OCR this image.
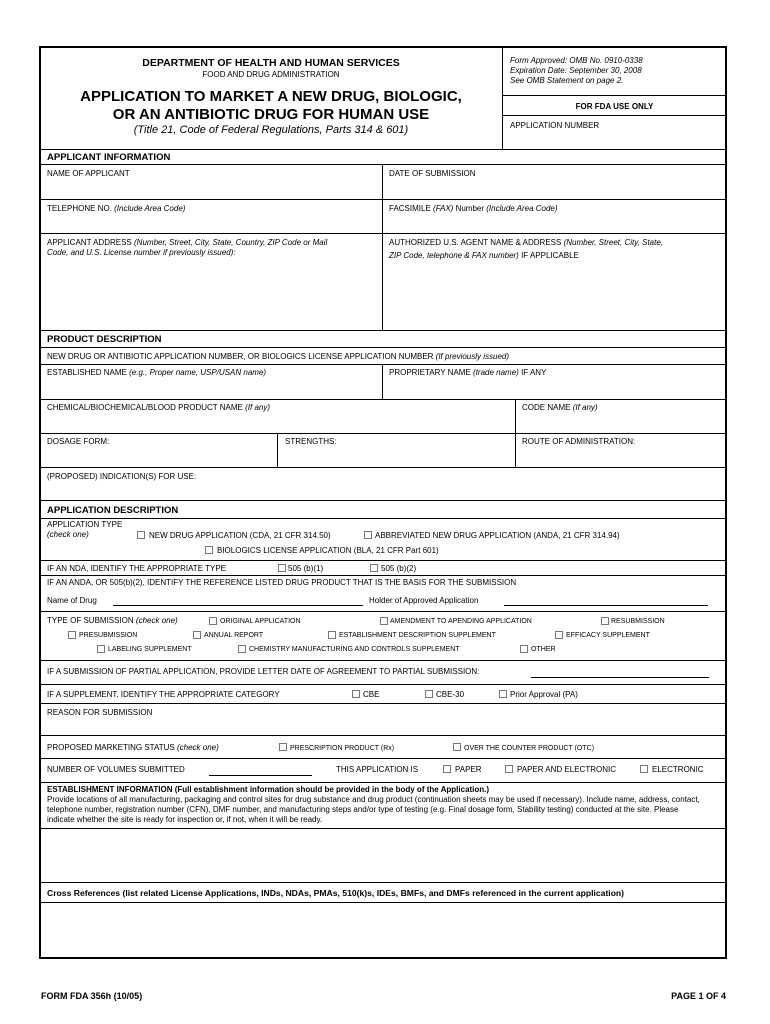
DEPARTMENT OF HEALTH AND HUMAN SERVICES
FOOD AND DRUG ADMINISTRATION
APPLICATION TO MARKET A NEW DRUG, BIOLOGIC,
OR AN ANTIBIOTIC DRUG FOR HUMAN USE
(Title 21, Code of Federal Regulations, Parts 314 & 601)
Form Approved: OMB No. 0910-0338
Expiration Date: September 30, 2008
See OMB Statement on page 2.
FOR FDA USE ONLY
APPLICATION NUMBER
APPLICANT INFORMATION
NAME OF APPLICANT	DATE OF SUBMISSION
TELEPHONE NO. (Include Area Code)	FACSIMILE (FAX) Number (Include Area Code)
APPLICANT ADDRESS (Number, Street, City, State, Country, ZIP Code or Mail
Code, and U.S. License number if previously issued):
AUTHORIZED U.S. AGENT NAME & ADDRESS (Number, Street, City, State,
ZIP Code, telephone & FAX number) IF APPLICABLE
PRODUCT DESCRIPTION
NEW DRUG OR ANTIBIOTIC APPLICATION NUMBER, OR BIOLOGICS LICENSE APPLICATION NUMBER (If previously issued)
ESTABLISHED NAME (e.g., Proper name, USP/USAN name)	PROPRIETARY NAME (trade name) IF ANY
CHEMICAL/BIOCHEMICAL/BLOOD PRODUCT NAME (If any)	CODE NAME (If any)
DOSAGE FORM:	STRENGTHS:	ROUTE OF ADMINISTRATION:
(PROPOSED) INDICATION(S) FOR USE:
APPLICATION DESCRIPTION
APPLICATION TYPE
(check one)	NEW DRUG APPLICATION (CDA, 21 CFR 314.50)	ABBREVIATED NEW DRUG APPLICATION (ANDA, 21 CFR 314.94)
BIOLOGICS LICENSE APPLICATION (BLA, 21 CFR Part 601)
IF AN NDA, IDENTIFY THE APPROPRIATE TYPE	505 (b)(1)	505 (b)(2)
IF AN ANDA, OR 505(b)(2), IDENTIFY THE REFERENCE LISTED DRUG PRODUCT THAT IS THE BASIS FOR THE SUBMISSION
Name of Drug	Holder of Approved Application
TYPE OF SUBMISSION (check one)	ORIGINAL APPLICATION	AMENDMENT TO APENDING APPLICATION	RESUBMISSION
PRESUBMISSION	ANNUAL REPORT	ESTABLISHMENT DESCRIPTION SUPPLEMENT	EFFICACY SUPPLEMENT
LABELING SUPPLEMENT	CHEMISTRY MANUFACTURING AND CONTROLS SUPPLEMENT	OTHER
IF A SUBMISSION OF PARTIAL APPLICATION, PROVIDE LETTER DATE OF AGREEMENT TO PARTIAL SUBMISSION:
IF A SUPPLEMENT, IDENTIFY THE APPROPRIATE CATEGORY	CBE	CBE-30	Prior Approval (PA)
REASON FOR SUBMISSION
PROPOSED MARKETING STATUS (check one)	PRESCRIPTION PRODUCT (Rx)	OVER THE COUNTER PRODUCT (OTC)
NUMBER OF VOLUMES SUBMITTED	THIS APPLICATION IS	PAPER	PAPER AND ELECTRONIC	ELECTRONIC
ESTABLISHMENT INFORMATION (Full establishment information should be provided in the body of the Application.)
Provide locations of all manufacturing, packaging and control sites for drug substance and drug product (continuation sheets may be used if necessary). Include name, address, contact, telephone number, registration number (CFN), DMF number, and manufacturing steps and/or type of testing (e.g. Final dosage form, Stability testing) conducted at the site. Please indicate whether the site is ready for inspection or, if not, when it will be ready.
Cross References (list related License Applications, INDs, NDAs, PMAs, 510(k)s, IDEs, BMFs, and DMFs referenced in the current application)
FORM FDA 356h (10/05)	PAGE 1 OF 4
